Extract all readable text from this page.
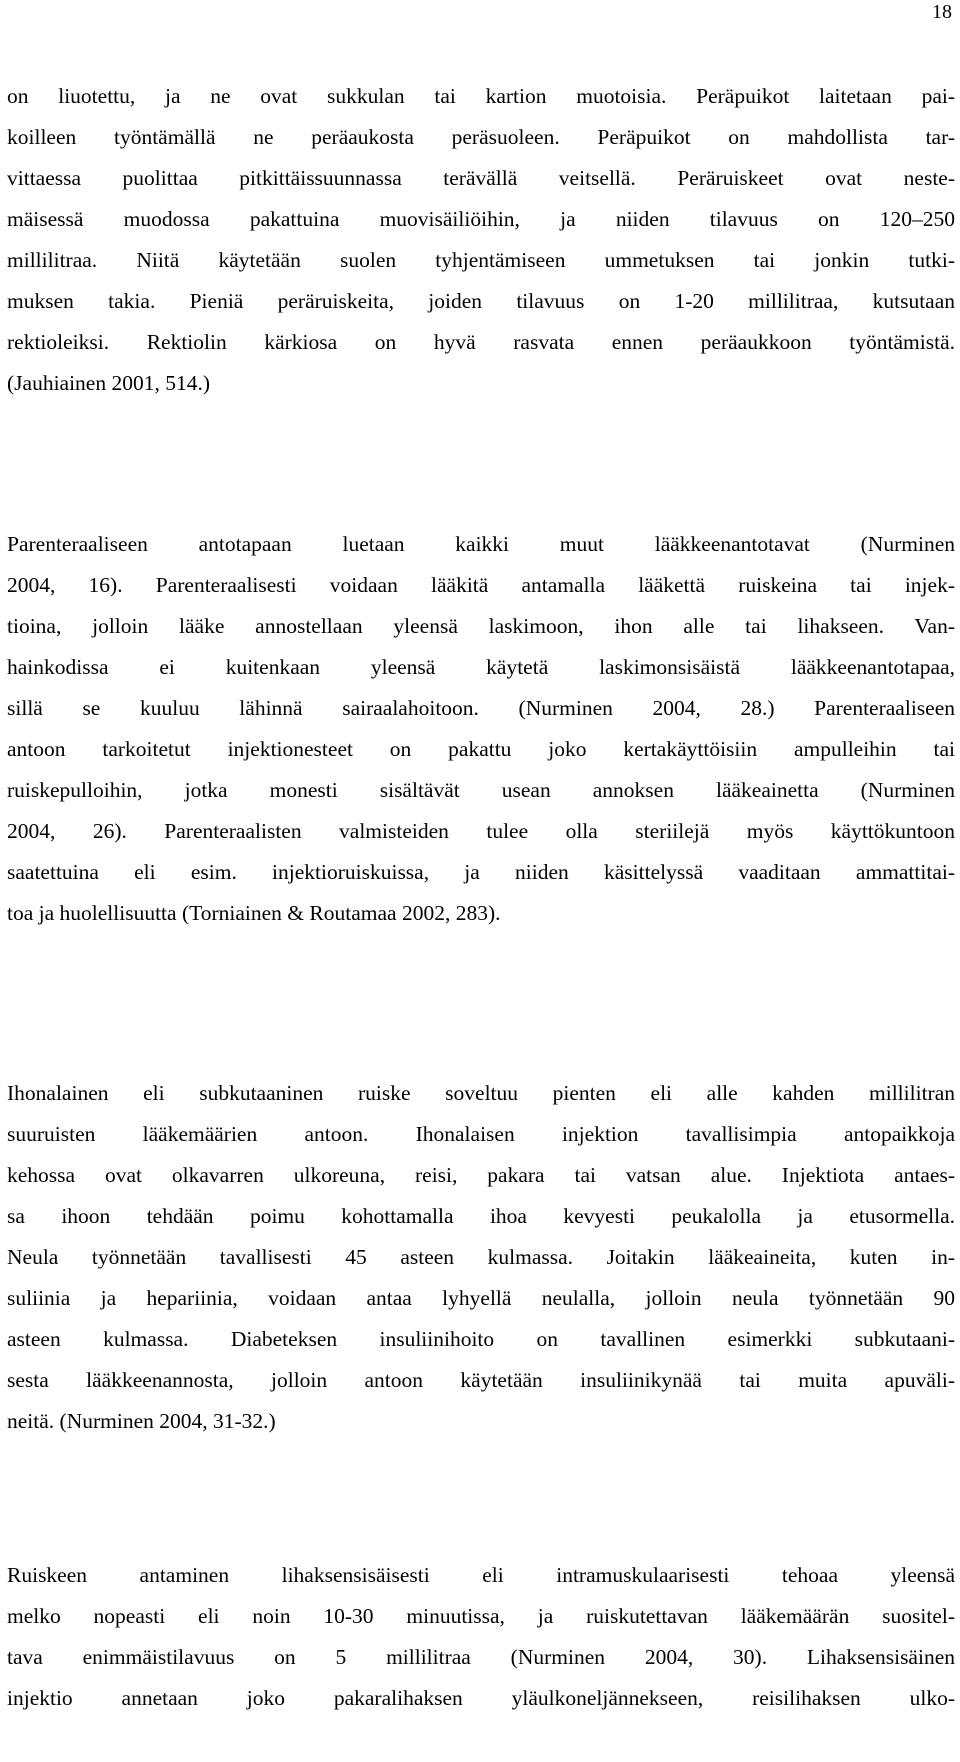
18
on liuotettu, ja ne ovat sukkulan tai kartion muotoisia. Peräpuikot laitetaan pai-
koilleen työntämällä ne peräaukosta peräsuoleen. Peräpuikot on mahdollista tar-
vittaessa puolittaa pitkittäissuunnassa terävällä veitsellä. Peräruiskeet ovat neste-
mäisessä muodossa pakattuina muovisäiliöihin, ja niiden tilavuus on 120–250
millilitraa. Niitä käytetään suolen tyhjentämiseen ummetuksen tai jonkin tutki-
muksen takia. Pieniä peräruiskeita, joiden tilavuus on 1-20 millilitraa, kutsutaan
rektioleiksi. Rektiolin kärkiosa on hyvä rasvata ennen peräaukkoon työntämistä.
(Jauhiainen 2001, 514.)
Parenteraaliseen antotapaan luetaan kaikki muut lääkkeenantotavat (Nurminen
2004, 16). Parenteraalisesti voidaan lääkitä antamalla lääkettä ruiskeina tai injek-
tioina, jolloin lääke annostellaan yleensä laskimoon, ihon alle tai lihakseen. Van-
hainkodissa ei kuitenkaan yleensä käytetä laskimonsisäistä lääkkeenantotapaa,
sillä se kuuluu lähinnä sairaalahoitoon. (Nurminen 2004, 28.) Parenteraaliseen
antoon tarkoitetut injektionesteet on pakattu joko kertakäyttöisiin ampulleihin tai
ruiskepulloihin, jotka monesti sisältävät usean annoksen lääkeainetta (Nurminen
2004, 26). Parenteraalisten valmisteiden tulee olla steriilejä myös käyttökuntoon
saatettuina eli esim. injektioruiskuissa, ja niiden käsittelyssä vaaditaan ammattitai-
toa ja huolellisuutta (Torniainen & Routamaa 2002, 283).
Ihonalainen eli subkutaaninen ruiske soveltuu pienten eli alle kahden millilitran
suuruisten lääkemäärien antoon. Ihonalaisen injektion tavallisimpia antopaikkoja
kehossa ovat olkavarren ulkoreuna, reisi, pakara tai vatsan alue. Injektiota antaes-
sa ihoon tehdään poimu kohottamalla ihoa kevyesti peukalolla ja etusormella.
Neula työnnetään tavallisesti 45 asteen kulmassa. Joitakin lääkeaineita, kuten in-
suliinia ja hepariinia, voidaan antaa lyhyellä neulalla, jolloin neula työnnetään 90
asteen kulmassa. Diabeteksen insuliinihoito on tavallinen esimerkki subkutaani-
sesta lääkkeenannosta, jolloin antoon käytetään insuliinikynää tai muita apuväli-
neitä. (Nurminen 2004, 31-32.)
Ruiskeen antaminen lihaksensisäisesti eli intramuskulaarisesti tehoaa yleensä
melko nopeasti eli noin 10-30 minuutissa, ja ruiskutettavan lääkemäärän suositel-
tava enimmäistilavuus on 5 millilitraa (Nurminen 2004, 30). Lihaksensisäinen
injektio annetaan joko pakaralihaksen yläulkoneljännekseen, reisilihaksen ulko-
